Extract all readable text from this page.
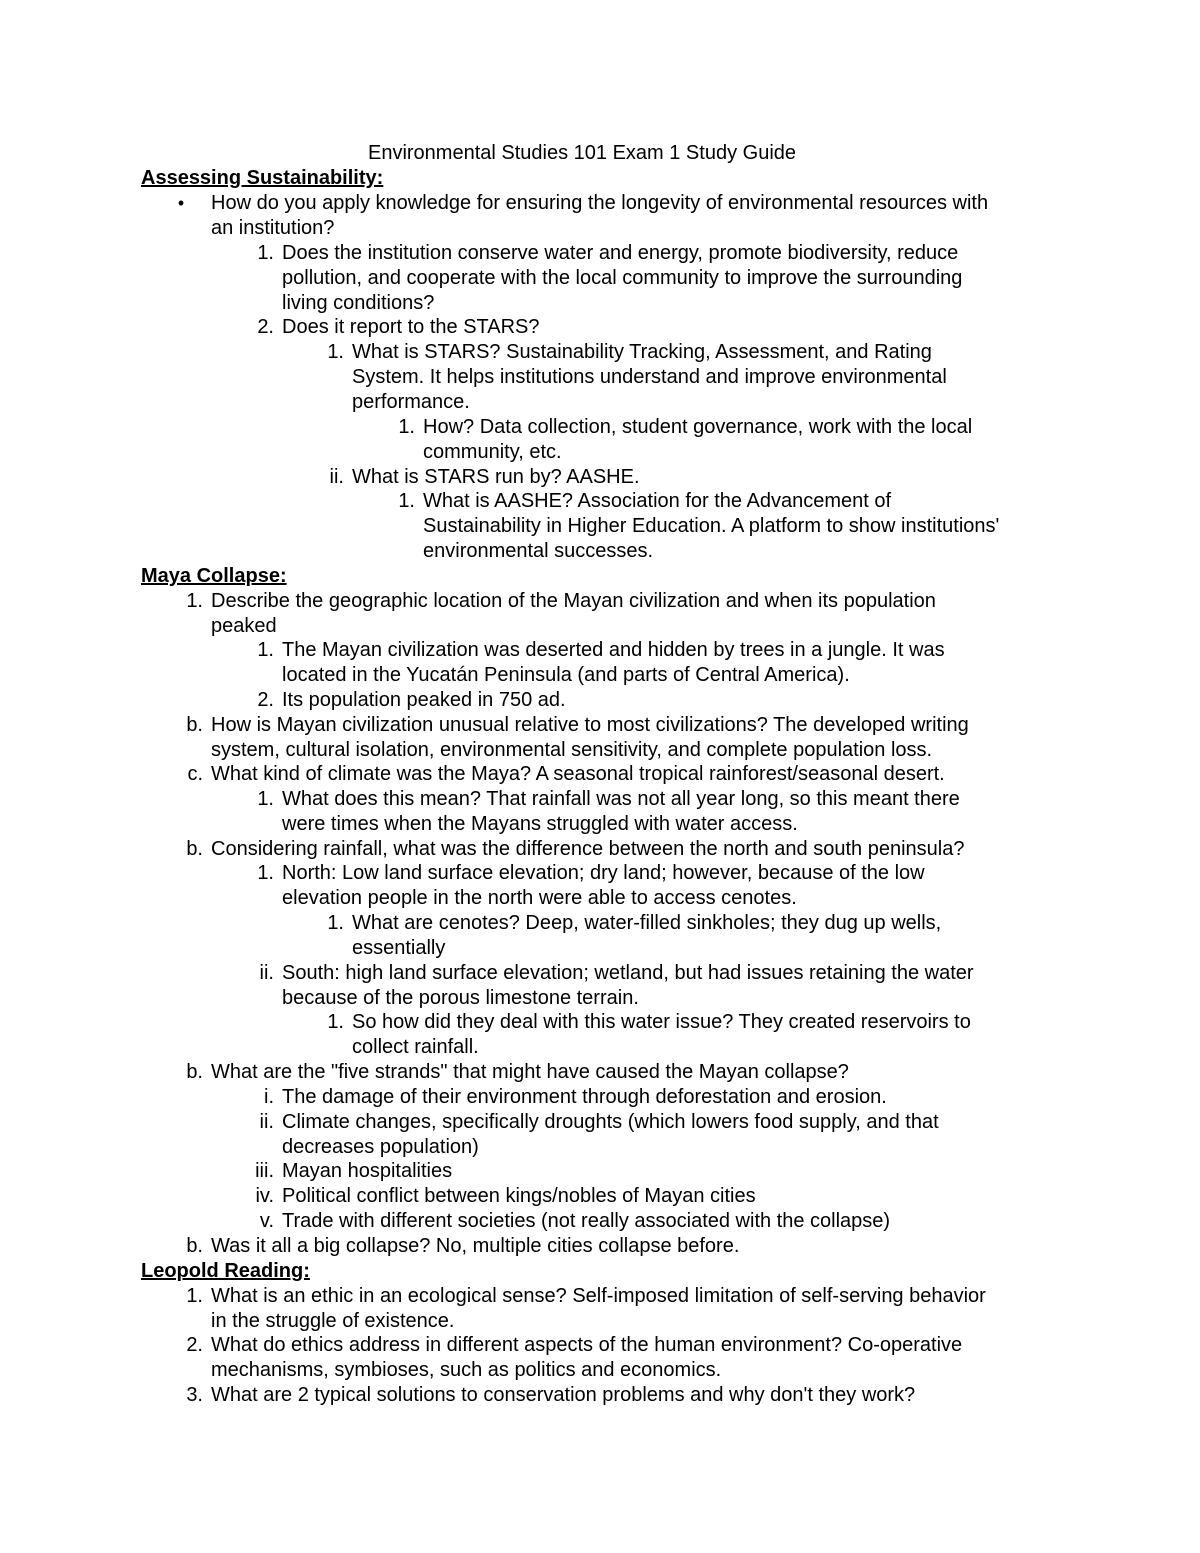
Environmental Studies 101 Exam 1 Study Guide
Assessing Sustainability:
•	How do you apply knowledge for ensuring the longevity of environmental resources with
an institution?
1. Does the institution conserve water and energy, promote biodiversity, reduce
pollution, and cooperate with the local community to improve the surrounding
living conditions?
2. Does it report to the STARS?
1. What is STARS? Sustainability Tracking, Assessment, and Rating
System. It helps institutions understand and improve environmental
performance.
1. How? Data collection, student governance, work with the local
community, etc.
ii. What is STARS run by? AASHE.
1. What is AASHE? Association for the Advancement of
Sustainability in Higher Education. A platform to show institutions'
environmental successes.
Maya Collapse:
1. Describe the geographic location of the Mayan civilization and when its population
peaked
1. The Mayan civilization was deserted and hidden by trees in a jungle. It was
located in the Yucatán Peninsula (and parts of Central America).
2. Its population peaked in 750 ad.
b. How is Mayan civilization unusual relative to most civilizations? The developed writing
system, cultural isolation, environmental sensitivity, and complete population loss.
c. What kind of climate was the Maya? A seasonal tropical rainforest/seasonal desert.
1. What does this mean? That rainfall was not all year long, so this meant there
were times when the Mayans struggled with water access.
b. Considering rainfall, what was the difference between the north and south peninsula?
1. North: Low land surface elevation; dry land; however, because of the low
elevation people in the north were able to access cenotes.
1. What are cenotes? Deep, water-filled sinkholes; they dug up wells,
essentially
ii. South: high land surface elevation; wetland, but had issues retaining the water
because of the porous limestone terrain.
1. So how did they deal with this water issue? They created reservoirs to
collect rainfall.
b. What are the "five strands" that might have caused the Mayan collapse?
i. The damage of their environment through deforestation and erosion.
ii. Climate changes, specifically droughts (which lowers food supply, and that
decreases population)
iii. Mayan hospitalities
iv. Political conflict between kings/nobles of Mayan cities
v. Trade with different societies (not really associated with the collapse)
b. Was it all a big collapse? No, multiple cities collapse before.
Leopold Reading:
1. What is an ethic in an ecological sense? Self-imposed limitation of self-serving behavior
in the struggle of existence.
2. What do ethics address in different aspects of the human environment? Co-operative
mechanisms, symbioses, such as politics and economics.
3. What are 2 typical solutions to conservation problems and why don't they work?
